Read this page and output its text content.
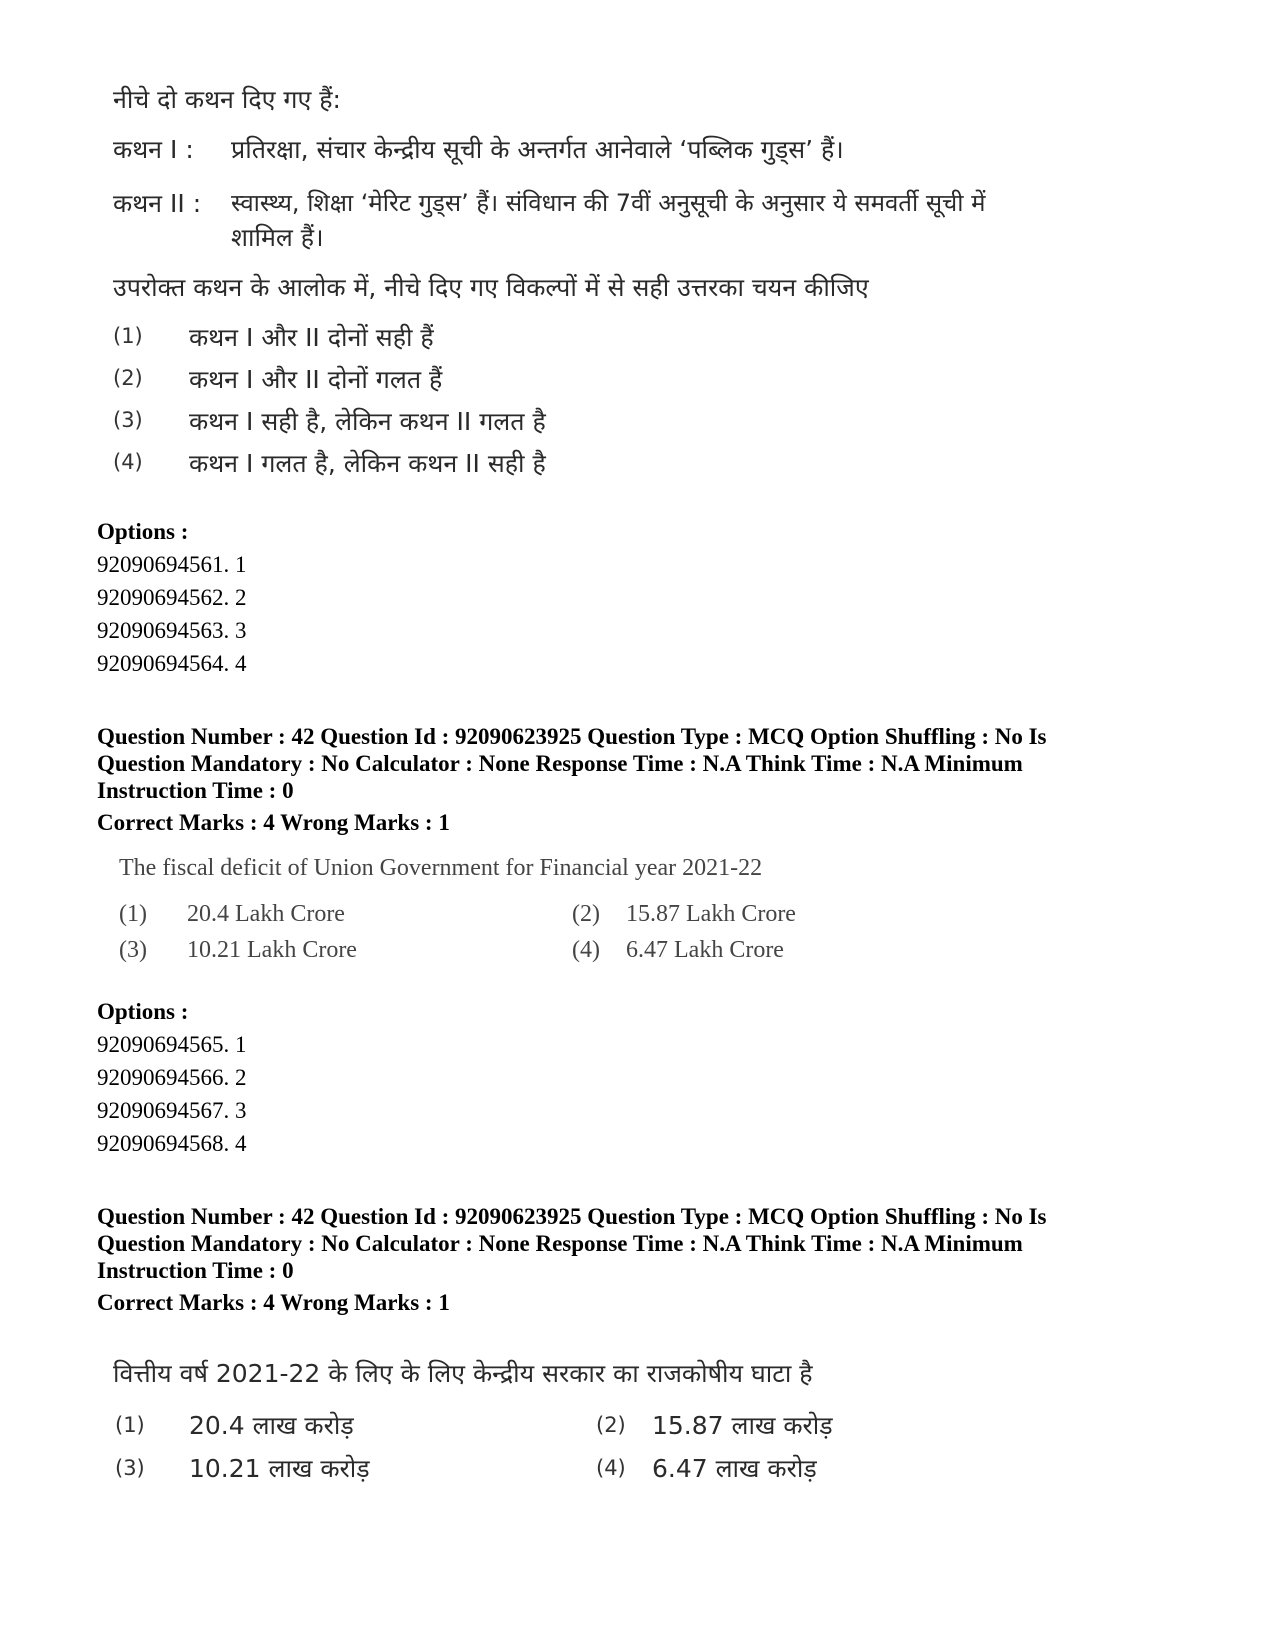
नीचे दो कथन दिए गए हैं:
कथन I : प्रतिरक्षा, संचार केन्द्रीय सूची के अन्तर्गत आनेवाले ‘पब्लिक गुड्स’ हैं।
कथन II : स्वास्थ्य, शिक्षा ‘मेरिट गुड्स’ हैं। संविधान की 7वीं अनुसूची के अनुसार ये समवर्ती सूची में
शामिल हैं।
उपरोक्त कथन के आलोक में, नीचे दिए गए विकल्पों में से सही उत्तरका चयन कीजिए
(1) कथन I और II दोनों सही हैं
(2) कथन I और II दोनों गलत हैं
(3) कथन I सही है, लेकिन कथन II गलत है
(4) कथन I गलत है, लेकिन कथन II सही है
Options :
92090694561. 1
92090694562. 2
92090694563. 3
92090694564. 4
Question Number : 42 Question Id : 92090623925 Question Type : MCQ Option Shuffling : No Is
Question Mandatory : No Calculator : None Response Time : N.A Think Time : N.A Minimum
Instruction Time : 0
Correct Marks : 4 Wrong Marks : 1
The fiscal deficit of Union Government for Financial year 2021-22
(1) 20.4 Lakh Crore	(2) 15.87 Lakh Crore
(3) 10.21 Lakh Crore	(4) 6.47 Lakh Crore
Options :
92090694565. 1
92090694566. 2
92090694567. 3
92090694568. 4
Question Number : 42 Question Id : 92090623925 Question Type : MCQ Option Shuffling : No Is
Question Mandatory : No Calculator : None Response Time : N.A Think Time : N.A Minimum
Instruction Time : 0
Correct Marks : 4 Wrong Marks : 1
वित्तीय वर्ष 2021-22 के लिए के लिए केन्द्रीय सरकार का राजकोषीय घाटा है
(1) 20.4 लाख करोड़	(2) 15.87 लाख करोड़
(3) 10.21 लाख करोड़	(4) 6.47 लाख करोड़
